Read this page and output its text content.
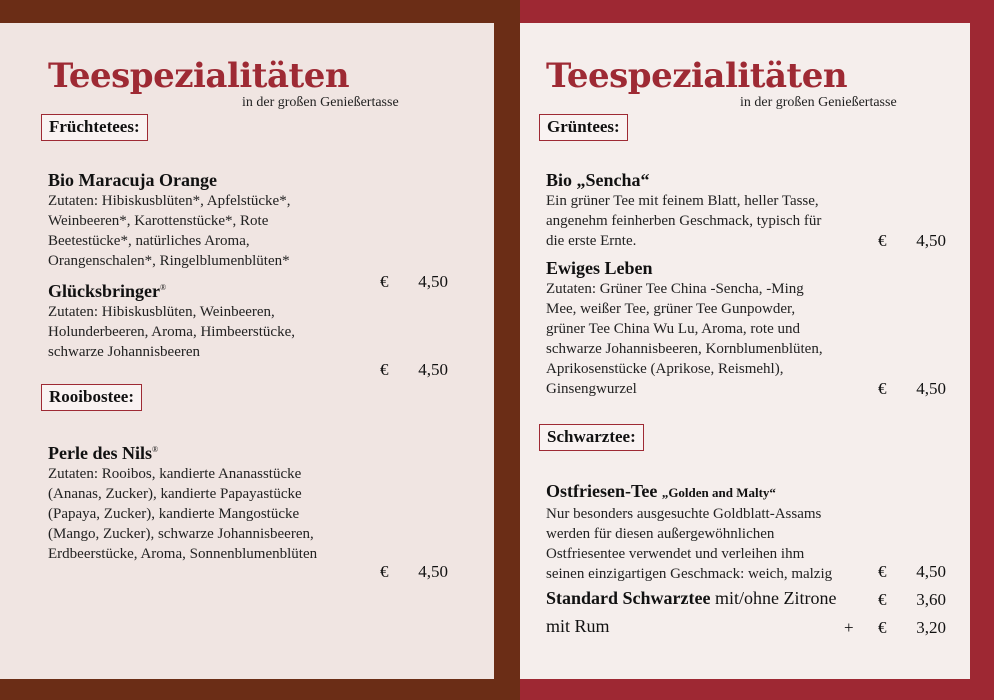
Teespezialitäten
in der großen Genießertasse
Früchtetees:
Bio Maracuja Orange
Zutaten: Hibiskusblüten*, Apfelstücke*,
Weinbeeren*, Karottenstücke*, Rote
Beetestücke*, natürliches Aroma,
Orangenschalen*, Ringelblumenblüten*
€	4,50
Glücksbringer®
Zutaten: Hibiskusblüten, Weinbeeren,
Holunderbeeren, Aroma, Himbeerstücke,
schwarze Johannisbeeren
€	4,50
Rooibostee:
Perle des Nils®
Zutaten: Rooibos, kandierte Ananasstücke
(Ananas, Zucker), kandierte Papayastücke
(Papaya, Zucker), kandierte Mangostücke
(Mango, Zucker), schwarze Johannisbeeren,
Erdbeerstücke, Aroma, Sonnenblumenblüten
€	4,50
Teespezialitäten
in der großen Genießertasse
Grüntees:
Bio „Sencha“
Ein grüner Tee mit feinem Blatt, heller Tasse,
angenehm feinherben Geschmack, typisch für
die erste Ernte.	€	4,50
Ewiges Leben
Zutaten: Grüner Tee China -Sencha, -Ming
Mee, weißer Tee, grüner Tee Gunpowder,
grüner Tee China Wu Lu, Aroma, rote und
schwarze Johannisbeeren, Kornblumenblüten,
Aprikosenstücke (Aprikose, Reismehl),
Ginsengwurzel	€	4,50
Schwarztee:
Ostfriesen-Tee „Golden and Malty“
Nur besonders ausgesuchte Goldblatt-Assams
werden für diesen außergewöhnlichen
Ostfriesentee verwendet und verleihen ihm
seinen einzigartigen Geschmack: weich, malzig	€	4,50
Standard Schwarztee mit/ohne Zitrone €	3,60
mit Rum	+ €	3,20
